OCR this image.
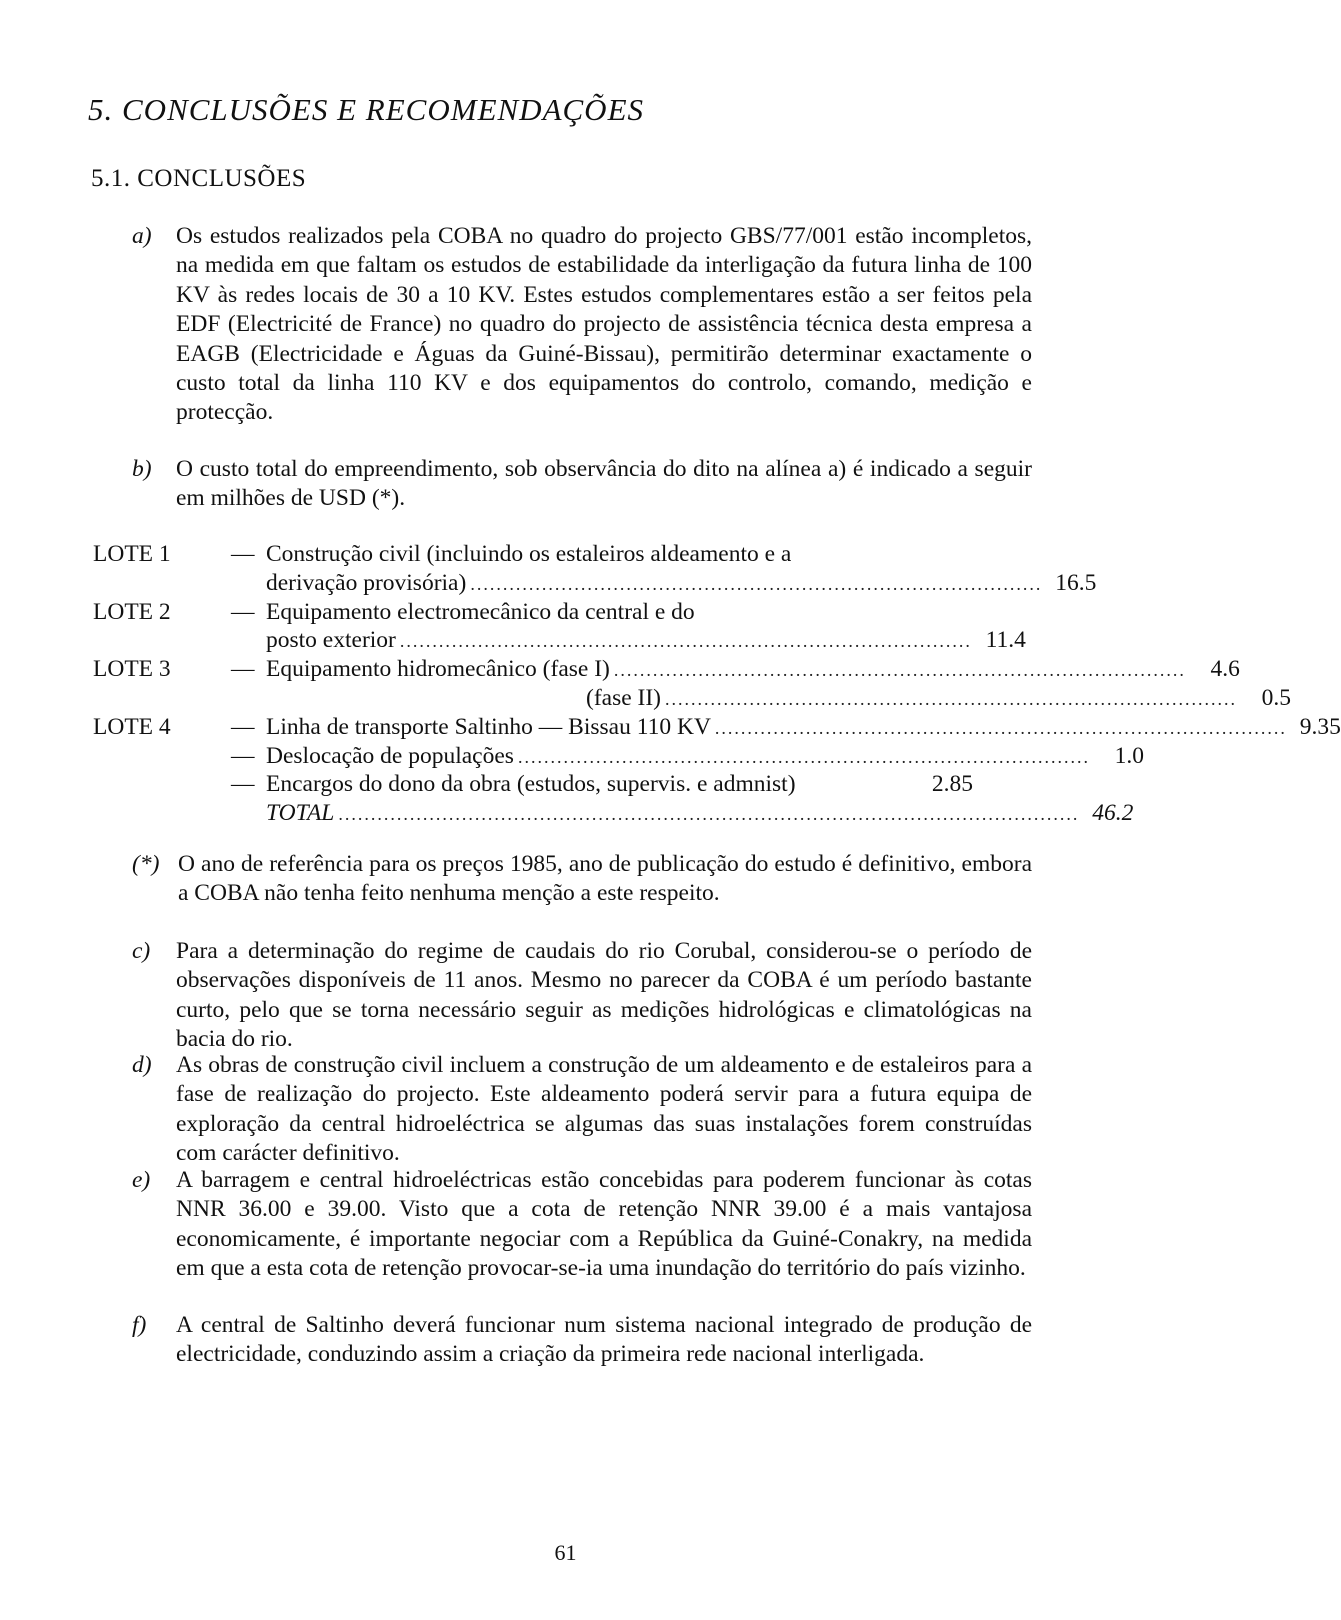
5. CONCLUSÕES E RECOMENDAÇÕES
5.1. CONCLUSÕES
a)	Os estudos realizados pela COBA no quadro do projecto GBS/77/001 estão incompletos, na medida em que faltam os estudos de estabilidade da interligação da futura linha de 100 KV às redes locais de 30 a 10 KV. Estes estudos complementares estão a ser feitos pela EDF (Electricité de France) no quadro do projecto de assistência técnica desta empresa a EAGB (Electricidade e Águas da Guiné-Bissau), permitirão determinar exactamente o custo total da linha 110 KV e dos equipamentos do controlo, comando, medição e protecção.
b)	O custo total do empreendimento, sob observância do dito na alínea a) é indicado a seguir em milhões de USD (*).
LOTE 1	— Construção civil (incluindo os estaleiros aldeamento e a
derivação provisória) ........................................................................................ 16.5
LOTE 2	— Equipamento electromecânico da central e do
posto exterior ........................................................................................ 11.4
LOTE 3	— Equipamento hidromecânico (fase I) ........................................................................................	4.6
(fase II) ........................................................................................	0.5
LOTE 4	— Linha de transporte Saltinho — Bissau 110 KV ........................................................................................ 9.35
— Deslocação de populações ........................................................................................	1.0
— Encargos do dono da obra (estudos, supervis. e admnist)	2.85
TOTAL .................................................................................................................. 46.2
(*) O ano de referência para os preços 1985, ano de publicação do estudo é definitivo, embora a COBA não tenha feito nenhuma menção a este respeito.
c)	Para a determinação do regime de caudais do rio Corubal, considerou-se o período de observações disponíveis de 11 anos. Mesmo no parecer da COBA é um período bastante curto, pelo que se torna necessário seguir as medições hidrológicas e climatológicas na bacia do rio.
d)	As obras de construção civil incluem a construção de um aldeamento e de estaleiros para a fase de realização do projecto. Este aldeamento poderá servir para a futura equipa de exploração da central hidroeléctrica se algumas das suas instalações forem construídas com carácter definitivo.
e)	A barragem e central hidroeléctricas estão concebidas para poderem funcionar às cotas NNR 36.00 e 39.00. Visto que a cota de retenção NNR 39.00 é a mais vantajosa economicamente, é importante negociar com a República da Guiné-Conakry, na medida em que a esta cota de retenção provocar-se-ia uma inundação do território do país vizinho.
f)	A central de Saltinho deverá funcionar num sistema nacional integrado de produção de electricidade, conduzindo assim a criação da primeira rede nacional interligada.
61
